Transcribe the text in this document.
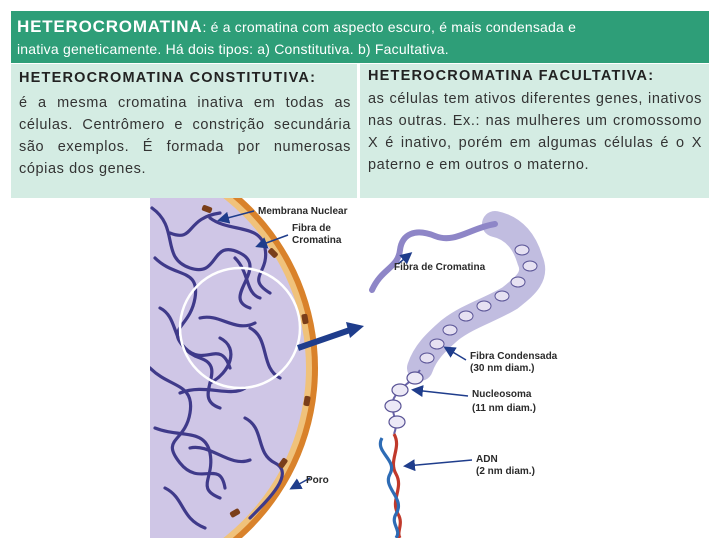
HETEROCROMATINA: é a cromatina com aspecto escuro, é mais condensada e
inativa geneticamente. Há dois tipos: a) Constitutiva. b) Facultativa.
HETEROCROMATINA CONSTITUTIVA:

é a mesma cromatina inativa em todas as células. Centrômero e constrição secundária são exemplos. É formada por numerosas cópias dos genes.

HETEROCROMATINA FACULTATIVA:

as células tem ativos diferentes genes, inativos nas outras. Ex.: nas mulheres um cromossomo X é inativo, porém em algumas células é o X paterno e em outros o materno.

Membrana Nuclear
Fibra de
Cromatina
Fibra de Cromatina
Fibra Condensada
(30 nm diam.)
Nucleosoma
(11 nm diam.)
ADN
(2 nm diam.)
Poro
